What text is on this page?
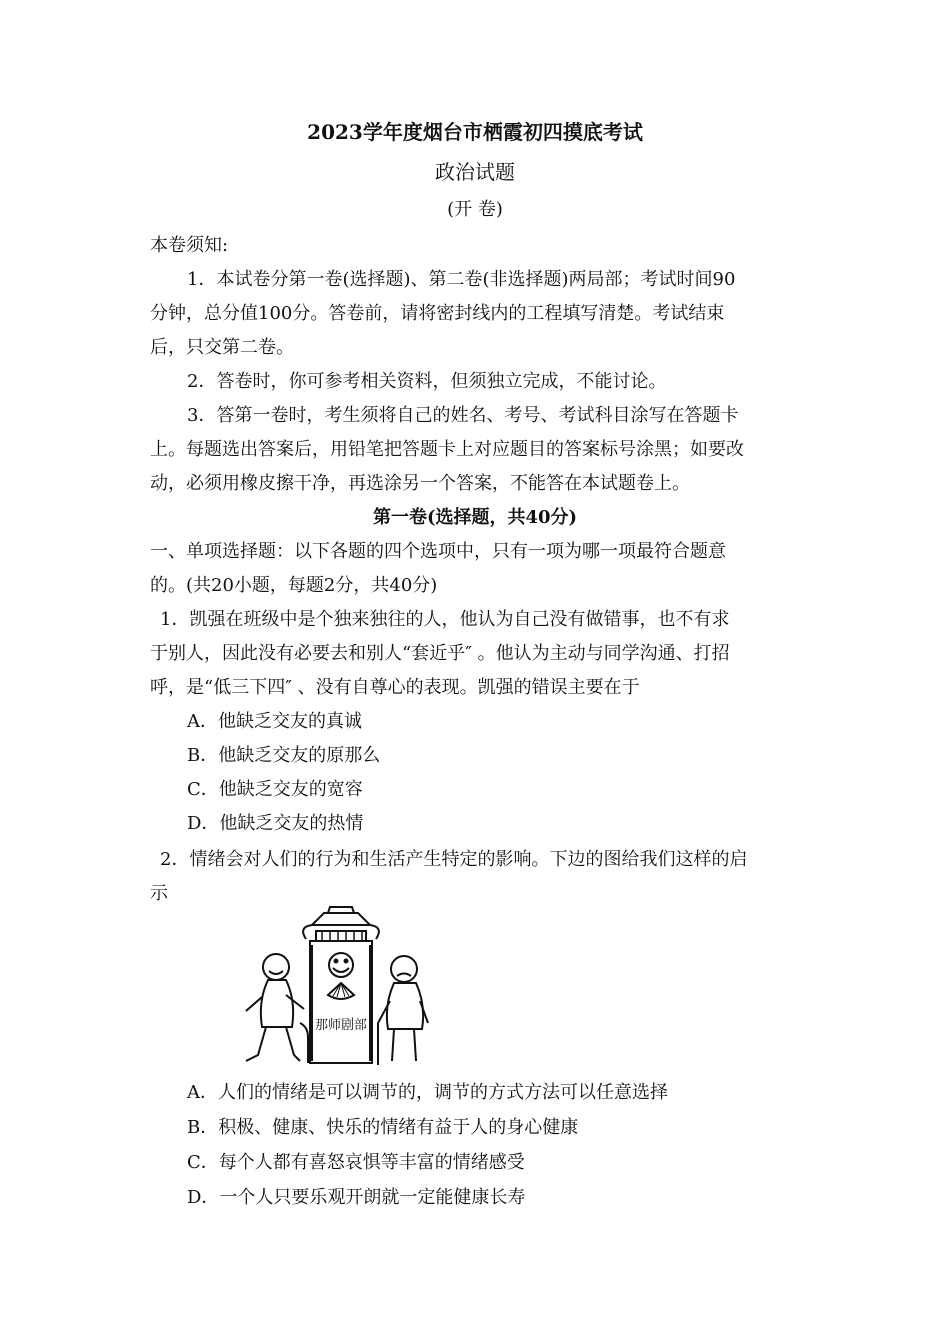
2023学年度烟台市栖霞初四摸底考试
政治试题
(开 卷)
本卷须知:
1．本试卷分第一卷(选择题)、第二卷(非选择题)两局部；考试时间90
分钟，总分值100分。答卷前，请将密封线内的工程填写清楚。考试结束
后，只交第二卷。
2．答卷时，你可参考相关资料，但须独立完成，不能讨论。
3．答第一卷时，考生须将自己的姓名、考号、考试科目涂写在答题卡
上。每题选出答案后，用铅笔把答题卡上对应题目的答案标号涂黑；如要改
动，必须用橡皮擦干净，再选涂另一个答案，不能答在本试题卷上。
第一卷(选择题，共40分)
一、单项选择题：以下各题的四个选项中，只有一项为哪一项最符合题意
的。(共20小题，每题2分，共40分)
1．凯强在班级中是个独来独往的人，他认为自己没有做错事，也不有求
于别人，因此没有必要去和别人“套近乎″ 。他认为主动与同学沟通、打招
呼，是“低三下四″ 、没有自尊心的表现。凯强的错误主要在于
A．他缺乏交友的真诚
B．他缺乏交友的原那么
C．他缺乏交友的宽容
D．他缺乏交友的热情
2．情绪会对人们的行为和生活产生特定的影响。下边的图给我们这样的启
示
那师剧部
A．人们的情绪是可以调节的，调节的方式方法可以任意选择
B．积极、健康、快乐的情绪有益于人的身心健康
C．每个人都有喜怒哀惧等丰富的情绪感受
D．一个人只要乐观开朗就一定能健康长寿
